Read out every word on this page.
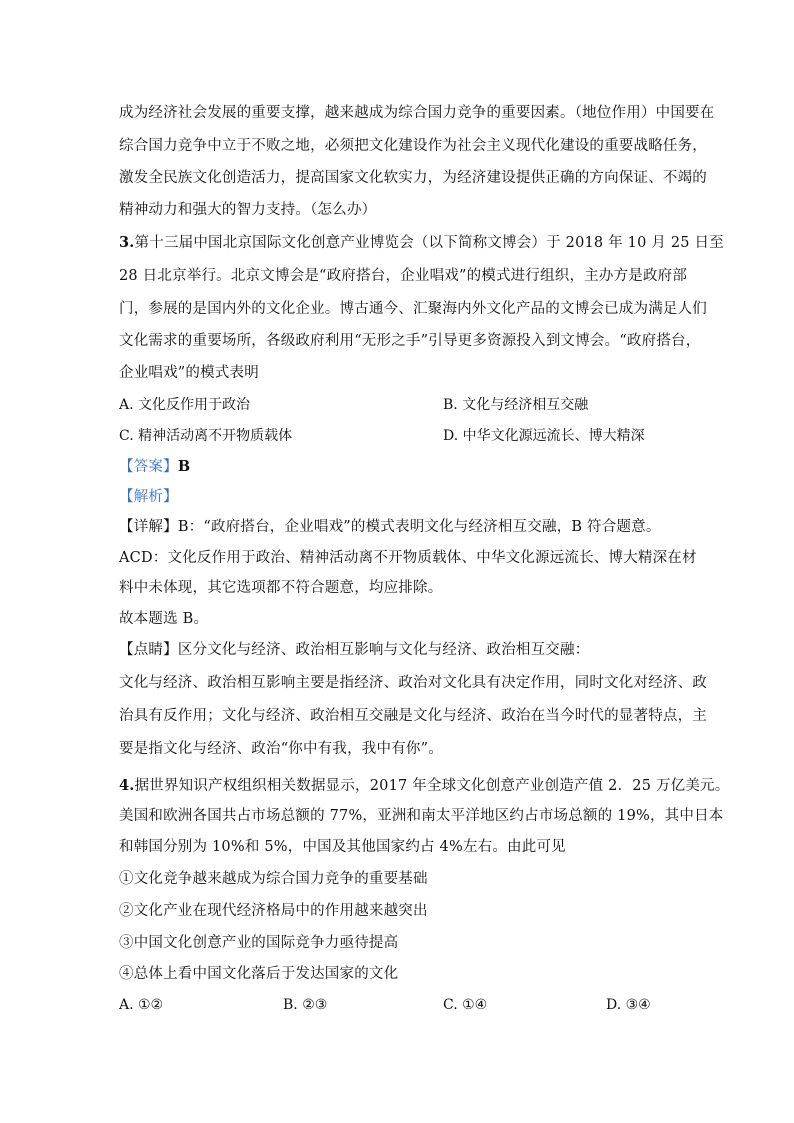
成为经济社会发展的重要支撑，越来越成为综合国力竞争的重要因素。（地位作用）中国要在
综合国力竞争中立于不败之地，必须把文化建设作为社会主义现代化建设的重要战略任务，
激发全民族文化创造活力，提高国家文化软实力，为经济建设提供正确的方向保证、不竭的
精神动力和强大的智力支持。（怎么办）
3.第十三届中国北京国际文化创意产业博览会（以下简称文博会）于 2018 年 10 月 25 日至
28 日北京举行。北京文博会是“政府搭台，企业唱戏”的模式进行组织，主办方是政府部
门，参展的是国内外的文化企业。博古通今、汇聚海内外文化产品的文博会已成为满足人们
文化需求的重要场所，各级政府利用“无形之手”引导更多资源投入到文博会。“政府搭台，
企业唱戏”的模式表明
A. 文化反作用于政治	B. 文化与经济相互交融
C. 精神活动离不开物质载体	D. 中华文化源远流长、博大精深
【答案】B
【解析】
【详解】B：“政府搭台，企业唱戏”的模式表明文化与经济相互交融，B 符合题意。
ACD：文化反作用于政治、精神活动离不开物质载体、中华文化源远流长、博大精深在材
料中未体现，其它选项都不符合题意，均应排除。
故本题选 B。
【点睛】区分文化与经济、政治相互影响与文化与经济、政治相互交融：
文化与经济、政治相互影响主要是指经济、政治对文化具有决定作用，同时文化对经济、政
治具有反作用；文化与经济、政治相互交融是文化与经济、政治在当今时代的显著特点，主
要是指文化与经济、政治“你中有我，我中有你”。
4.据世界知识产权组织相关数据显示，2017 年全球文化创意产业创造产值 2．25 万亿美元。
美国和欧洲各国共占市场总额的 77%，亚洲和南太平洋地区约占市场总额的 19%，其中日本
和韩国分别为 10%和 5%，中国及其他国家约占 4%左右。由此可见
①文化竞争越来越成为综合国力竞争的重要基础
②文化产业在现代经济格局中的作用越来越突出
③中国文化创意产业的国际竞争力亟待提高
④总体上看中国文化落后于发达国家的文化
A. ①②	B. ②③	C. ①④	D. ③④
